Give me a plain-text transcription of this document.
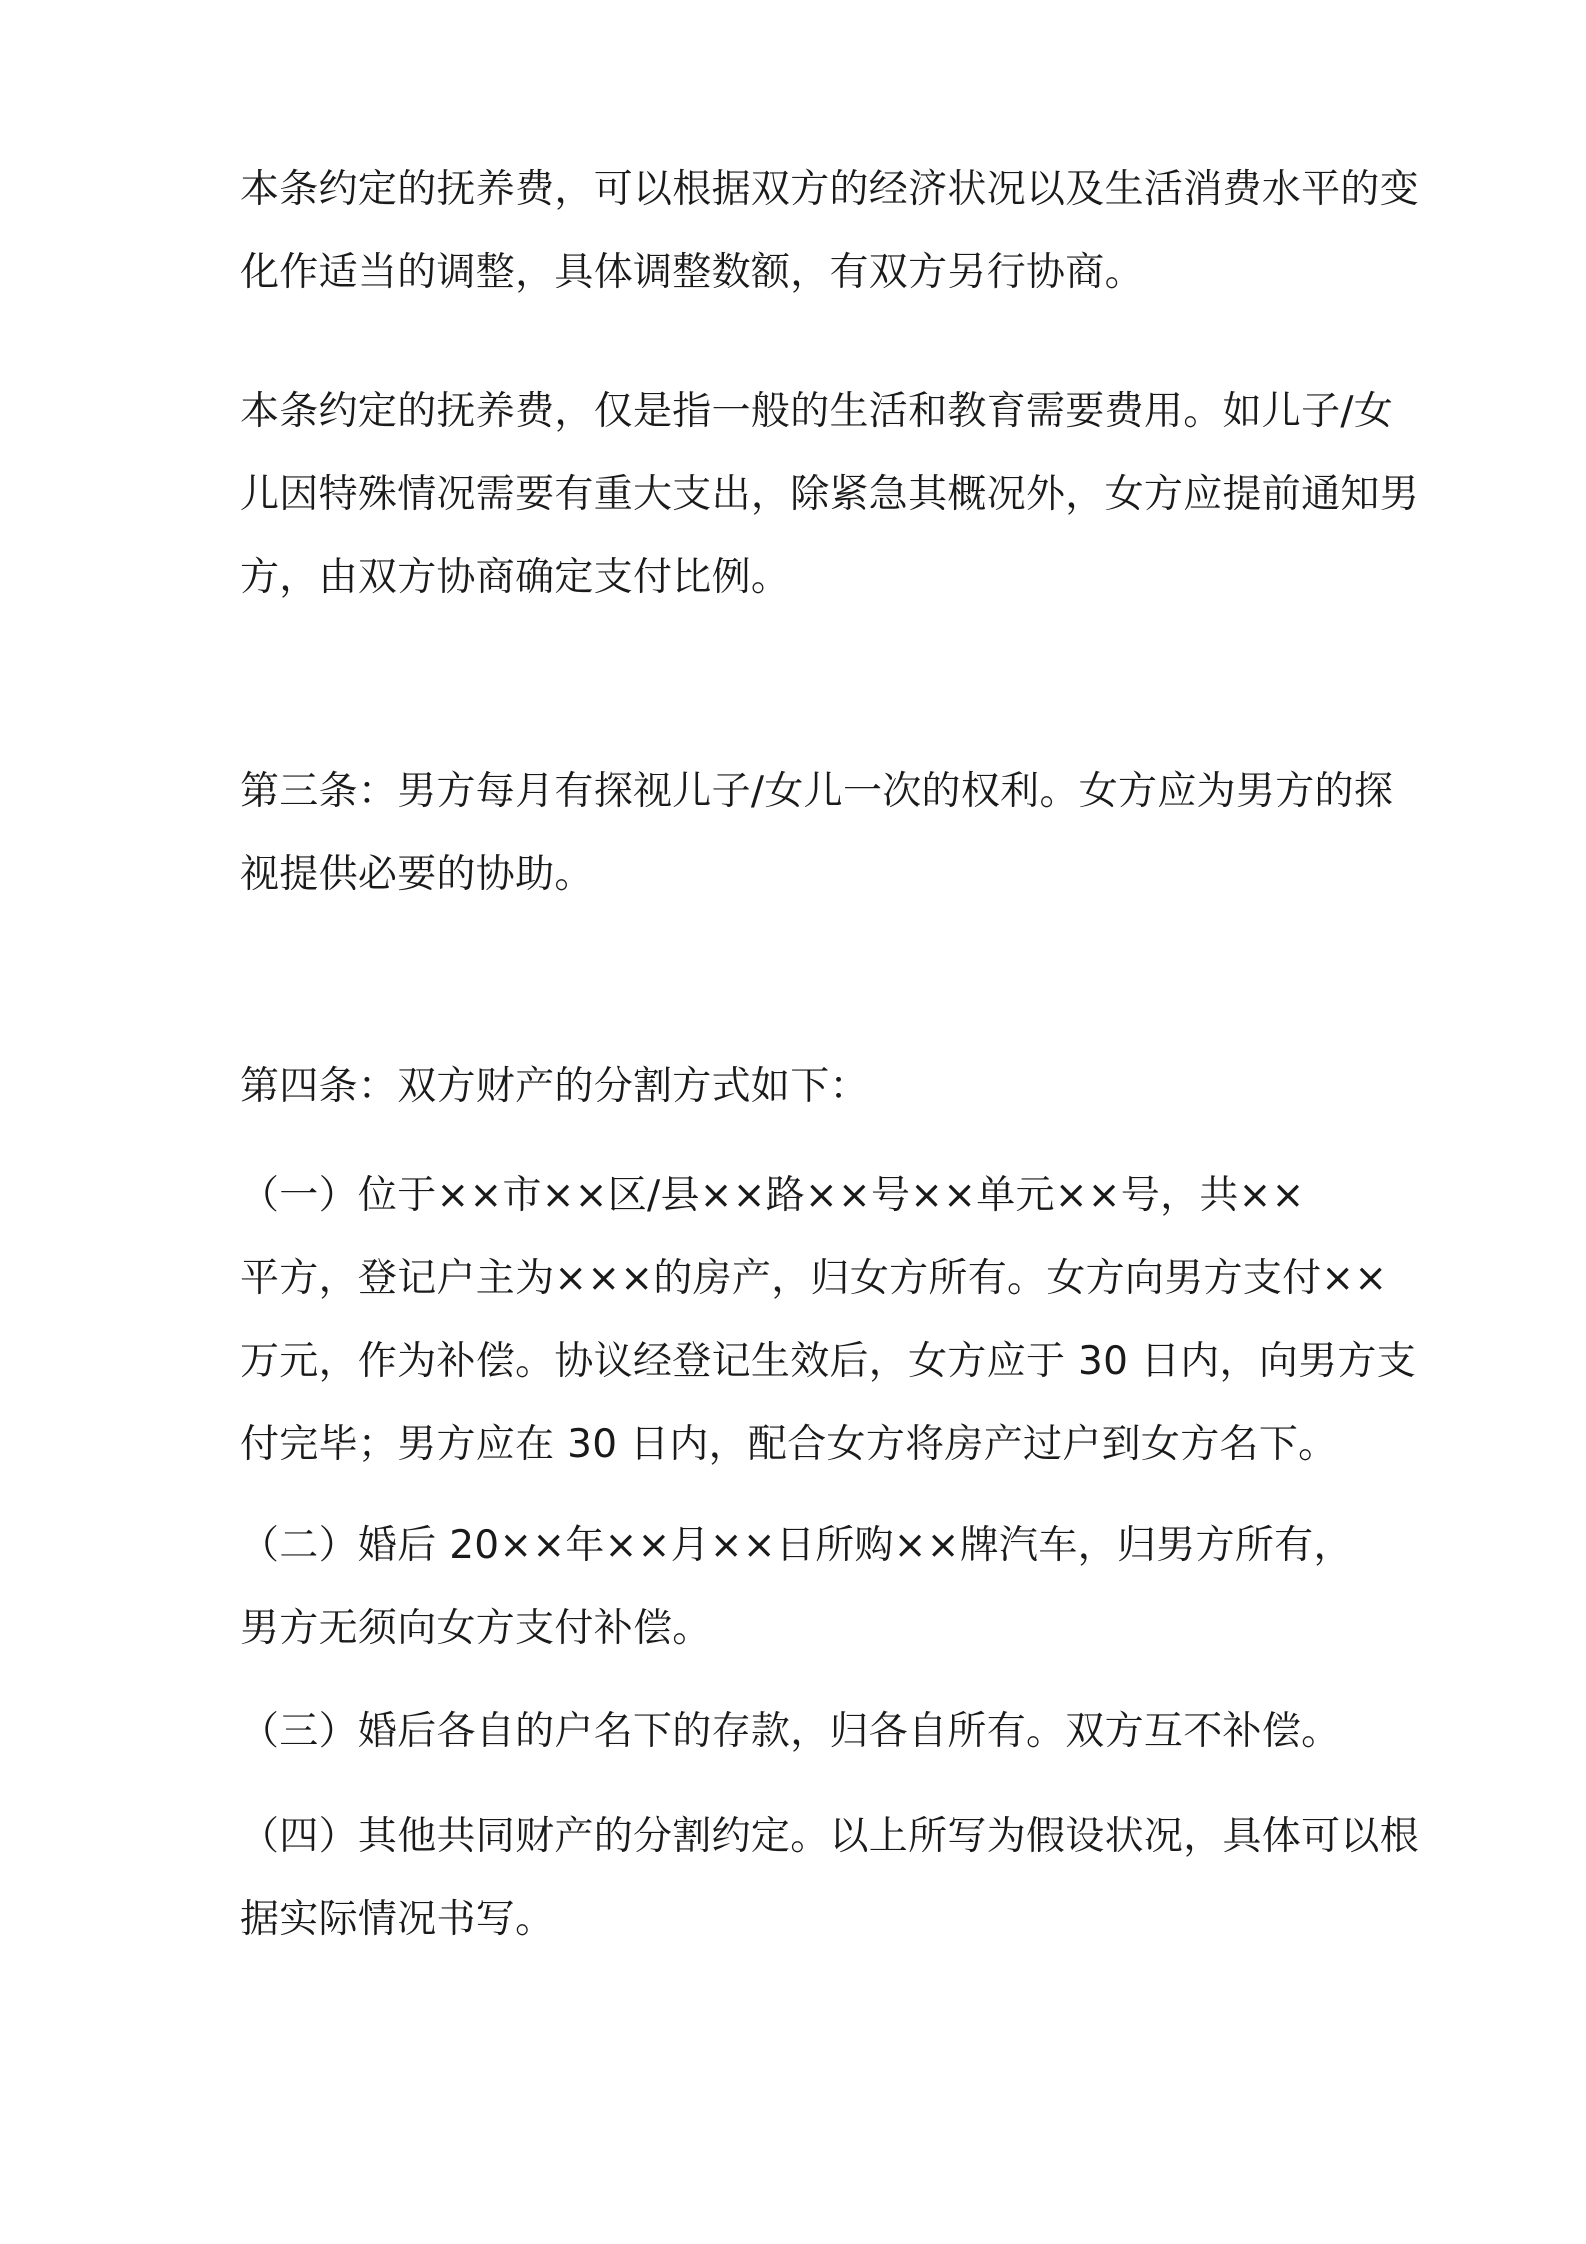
本条约定的抚养费，可以根据双方的经济状况以及生活消费水平的变
化作适当的调整，具体调整数额，有双方另行协商。
本条约定的抚养费，仅是指一般的生活和教育需要费用。如儿子/女
儿因特殊情况需要有重大支出，除紧急其概况外，女方应提前通知男
方，由双方协商确定支付比例。
第三条：男方每月有探视儿子/女儿一次的权利。女方应为男方的探
视提供必要的协助。
第四条：双方财产的分割方式如下：
（一）位于××市××区/县××路××号××单元××号，共××
平方，登记户主为×××的房产，归女方所有。女方向男方支付××
万元，作为补偿。协议经登记生效后，女方应于 30 日内，向男方支
付完毕；男方应在 30 日内，配合女方将房产过户到女方名下。
（二）婚后 20××年××月××日所购××牌汽车，归男方所有，
男方无须向女方支付补偿。
（三）婚后各自的户名下的存款，归各自所有。双方互不补偿。
（四）其他共同财产的分割约定。以上所写为假设状况，具体可以根
据实际情况书写。
